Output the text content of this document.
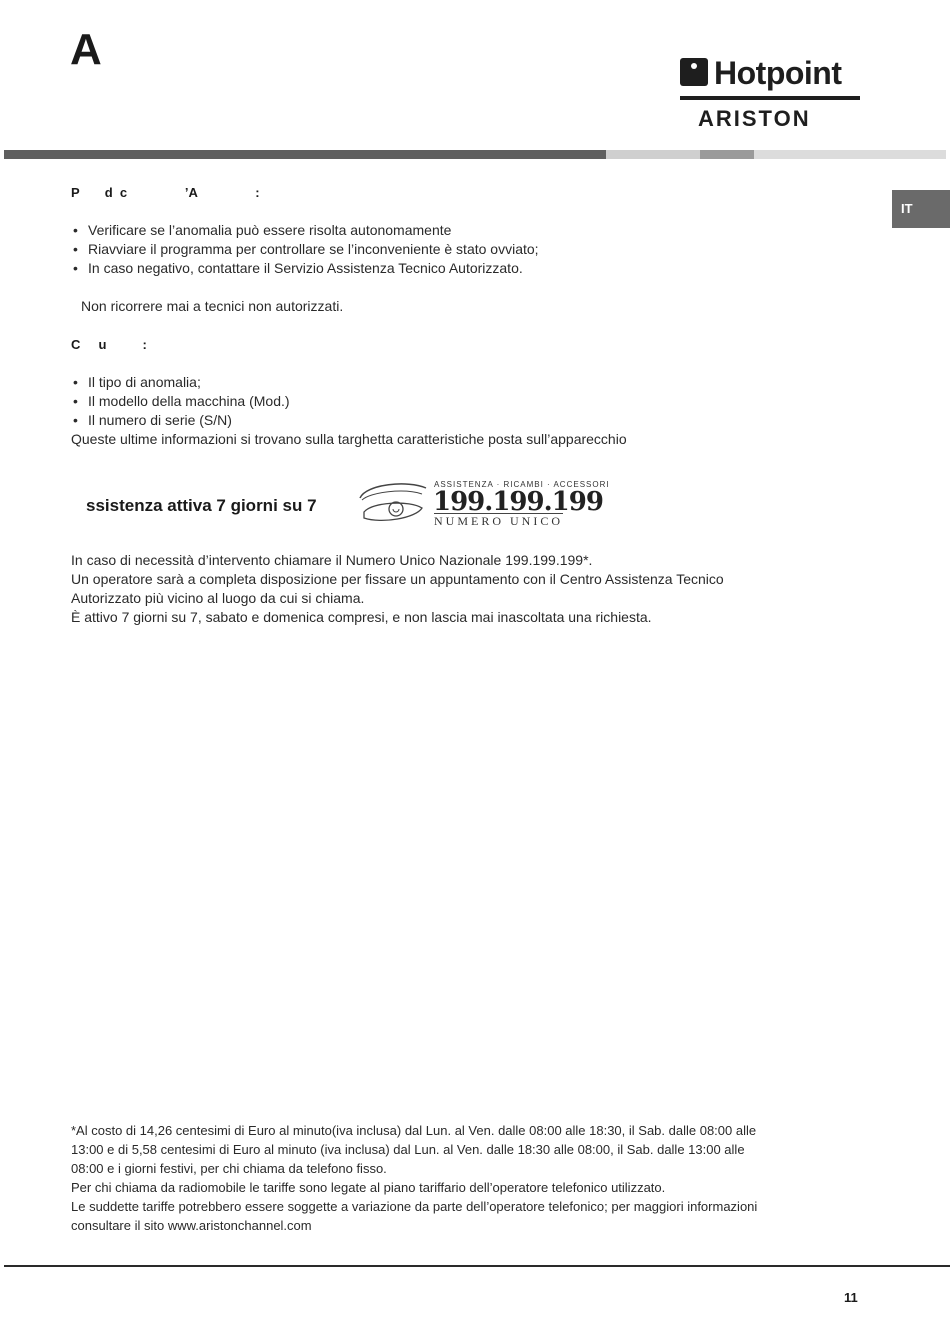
A	Hotpoint
ARISTON
IT
P       d  c                ’A                :
• Verificare se l’anomalia può essere risolta autonomamente
• Riavviare il programma per controllare se l’inconveniente è stato ovviato;
• In caso negativo, contattare il Servizio Assistenza Tecnico Autorizzato.
Non ricorrere mai a tecnici non autorizzati.
C     u          :
• Il tipo di anomalia;
• Il modello della macchina (Mod.)
• Il numero di serie (S/N)
Queste ultime informazioni si trovano sulla targhetta caratteristiche posta sull’apparecchio
ssistenza attiva 7 giorni su 7
ASSISTENZA · RICAMBI · ACCESSORI
199.199.199
NUMERO UNICO
In caso di necessità d’intervento chiamare il Numero Unico Nazionale 199.199.199*.
Un operatore sarà a completa disposizione per fissare un appuntamento con il Centro Assistenza Tecnico
Autorizzato più vicino al luogo da cui si chiama.
È attivo 7 giorni su 7, sabato e domenica compresi, e non lascia mai inascoltata una richiesta.
*Al costo di 14,26 centesimi di Euro al minuto(iva inclusa) dal Lun. al Ven. dalle 08:00 alle 18:30, il Sab. dalle 08:00 alle
13:00 e di 5,58 centesimi di Euro al minuto (iva inclusa) dal Lun. al Ven. dalle 18:30 alle 08:00, il Sab. dalle 13:00 alle
08:00 e i giorni festivi, per chi chiama da telefono fisso.
Per chi chiama da radiomobile le tariffe sono legate al piano tariffario dell’operatore telefonico utilizzato.
Le suddette tariffe potrebbero essere soggette a variazione da parte dell’operatore telefonico; per maggiori informazioni
consultare il sito www.aristonchannel.com
11
